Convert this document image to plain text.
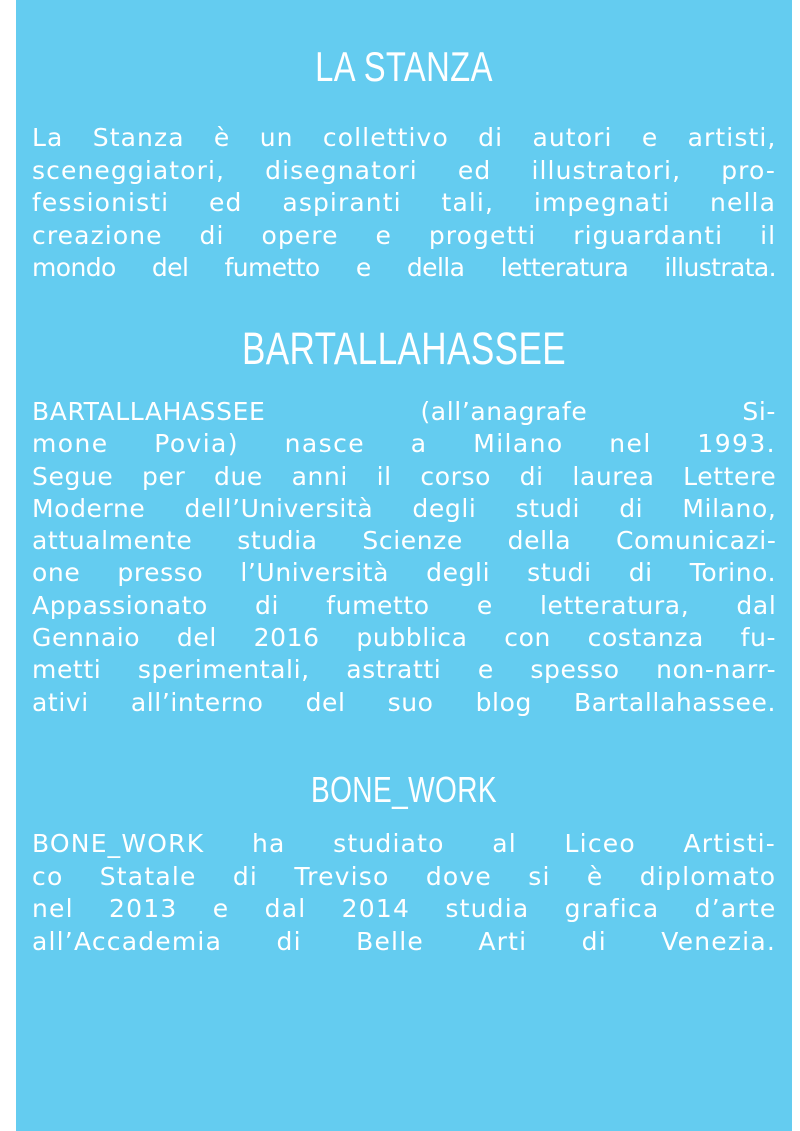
LA STANZA
La Stanza è un collettivo di autori e artisti,
sceneggiatori, disegnatori ed illustratori, pro-
fessionisti ed aspiranti tali, impegnati nella
creazione di opere e progetti riguardanti il
mondo del fumetto e della letteratura illustrata.
BARTALLAHASSEE
BARTALLAHASSEE (all’anagrafe Si-
mone Povia) nasce a Milano nel 1993.
Segue per due anni il corso di laurea Lettere
Moderne dell’Università degli studi di Milano,
attualmente studia Scienze della Comunicazi-
one presso l’Università degli studi di Torino.
Appassionato di fumetto e letteratura, dal
Gennaio del 2016 pubblica con costanza fu-
metti sperimentali, astratti e spesso non-narr-
ativi all’interno del suo blog Bartallahassee.
BONE_WORK
BONE_WORK ha studiato al Liceo Artisti-
co Statale di Treviso dove si è diplomato
nel 2013 e dal 2014 studia grafica d’arte
all’Accademia di Belle Arti di Venezia.
